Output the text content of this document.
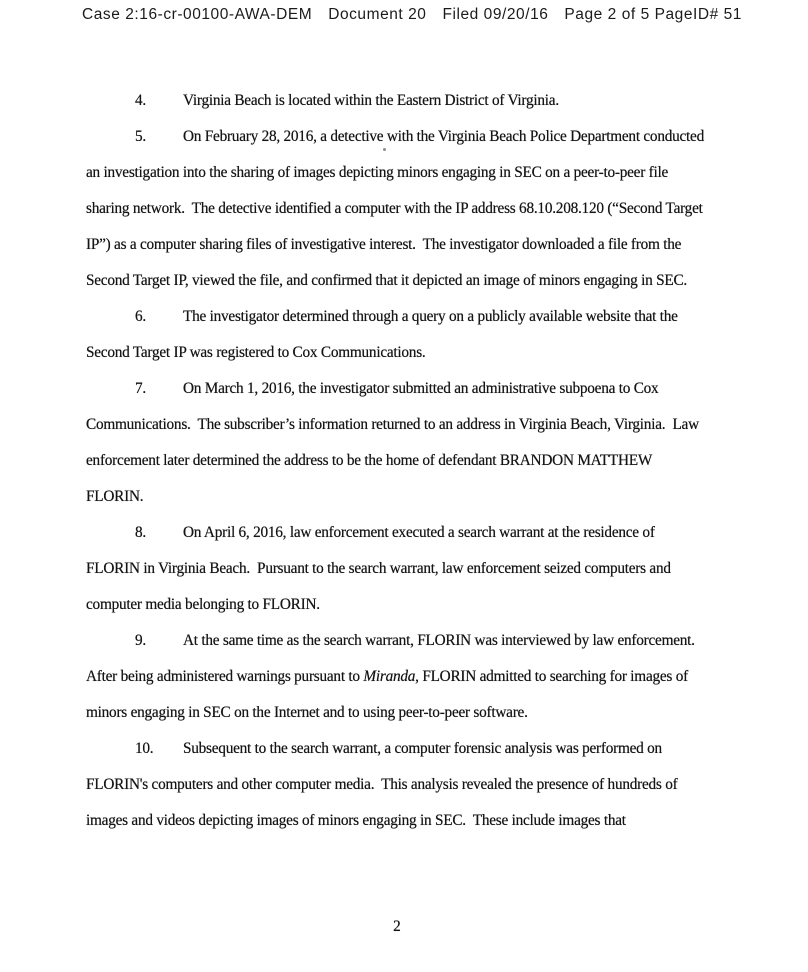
Case 2:16-cr-00100-AWA-DEM Document 20 Filed 09/20/16 Page 2 of 5 PageID# 51

4. Virginia Beach is located within the Eastern District of Virginia.

5. On February 28, 2016, a detective with the Virginia Beach Police Department conducted an investigation into the sharing of images depicting minors engaging in SEC on a peer-to-peer file sharing network.  The detective identified a computer with the IP address 68.10.208.120 (“Second Target IP”) as a computer sharing files of investigative interest.  The investigator downloaded a file from the Second Target IP, viewed the file, and confirmed that it depicted an image of minors engaging in SEC.

6. The investigator determined through a query on a publicly available website that the Second Target IP was registered to Cox Communications.

7. On March 1, 2016, the investigator submitted an administrative subpoena to Cox Communications.  The subscriber’s information returned to an address in Virginia Beach, Virginia.  Law enforcement later determined the address to be the home of defendant BRANDON MATTHEW FLORIN.

8. On April 6, 2016, law enforcement executed a search warrant at the residence of FLORIN in Virginia Beach.  Pursuant to the search warrant, law enforcement seized computers and computer media belonging to FLORIN.

9. At the same time as the search warrant, FLORIN was interviewed by law enforcement.  After being administered warnings pursuant to Miranda, FLORIN admitted to searching for images of minors engaging in SEC on the Internet and to using peer-to-peer software.

10. Subsequent to the search warrant, a computer forensic analysis was performed on FLORIN's computers and other computer media.  This analysis revealed the presence of hundreds of images and videos depicting images of minors engaging in SEC.  These include images that

2
